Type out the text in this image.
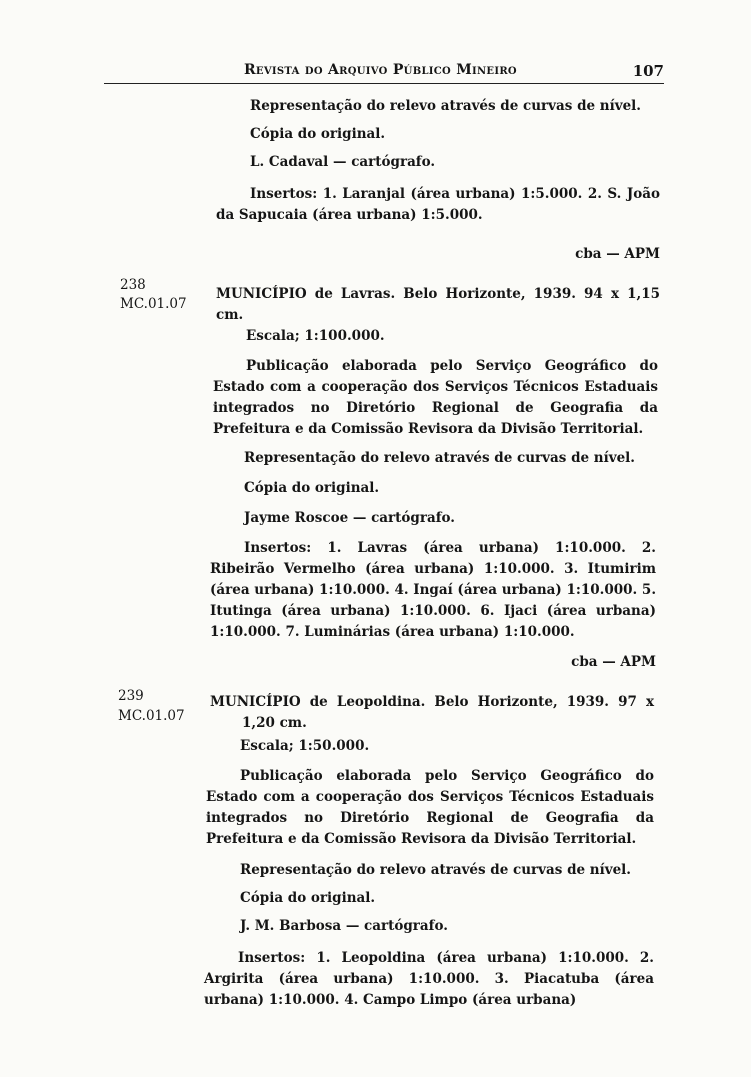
Revista do Arquivo Público Mineiro	107

Representação do relevo através de curvas de nível.

Cópia do original.

L. Cadaval — cartógrafo.

Insertos: 1. Laranjal (área urbana) 1:5.000. 2. S. João da Sapucaia (área urbana) 1:5.000.

cba — APM

238

MC.01.07

MUNICÍPIO de Lavras. Belo Horizonte, 1939. 94 x 1,15 cm.

Escala; 1:100.000.

Publicação elaborada pelo Serviço Geográfico do Estado com a cooperação dos Serviços Técnicos Estaduais integrados no Diretório Regional de Geografia da Prefeitura e da Comissão Revisora da Divisão Territorial.

Representação do relevo através de curvas de nível.

Cópia do original.

Jayme Roscoe — cartógrafo.

Insertos: 1. Lavras (área urbana) 1:10.000. 2. Ribeirão Vermelho (área urbana) 1:10.000. 3. Itumirim (área urbana) 1:10.000. 4. Ingaí (área urbana) 1:10.000. 5. Itutinga (área urbana) 1:10.000. 6. Ijaci (área urbana) 1:10.000. 7. Luminárias (área urbana) 1:10.000.

cba — APM

239

MC.01.07

MUNICÍPIO de Leopoldina. Belo Horizonte, 1939. 97 x 1,20 cm.

Escala; 1:50.000.

Publicação elaborada pelo Serviço Geográfico do Estado com a cooperação dos Serviços Técnicos Estaduais integrados no Diretório Regional de Geografia da Prefeitura e da Comissão Revisora da Divisão Territorial.

Representação do relevo através de curvas de nível.

Cópia do original.

J. M. Barbosa — cartógrafo.

Insertos: 1. Leopoldina (área urbana) 1:10.000. 2. Argirita (área urbana) 1:10.000. 3. Piacatuba (área urbana) 1:10.000. 4. Campo Limpo (área urbana)
